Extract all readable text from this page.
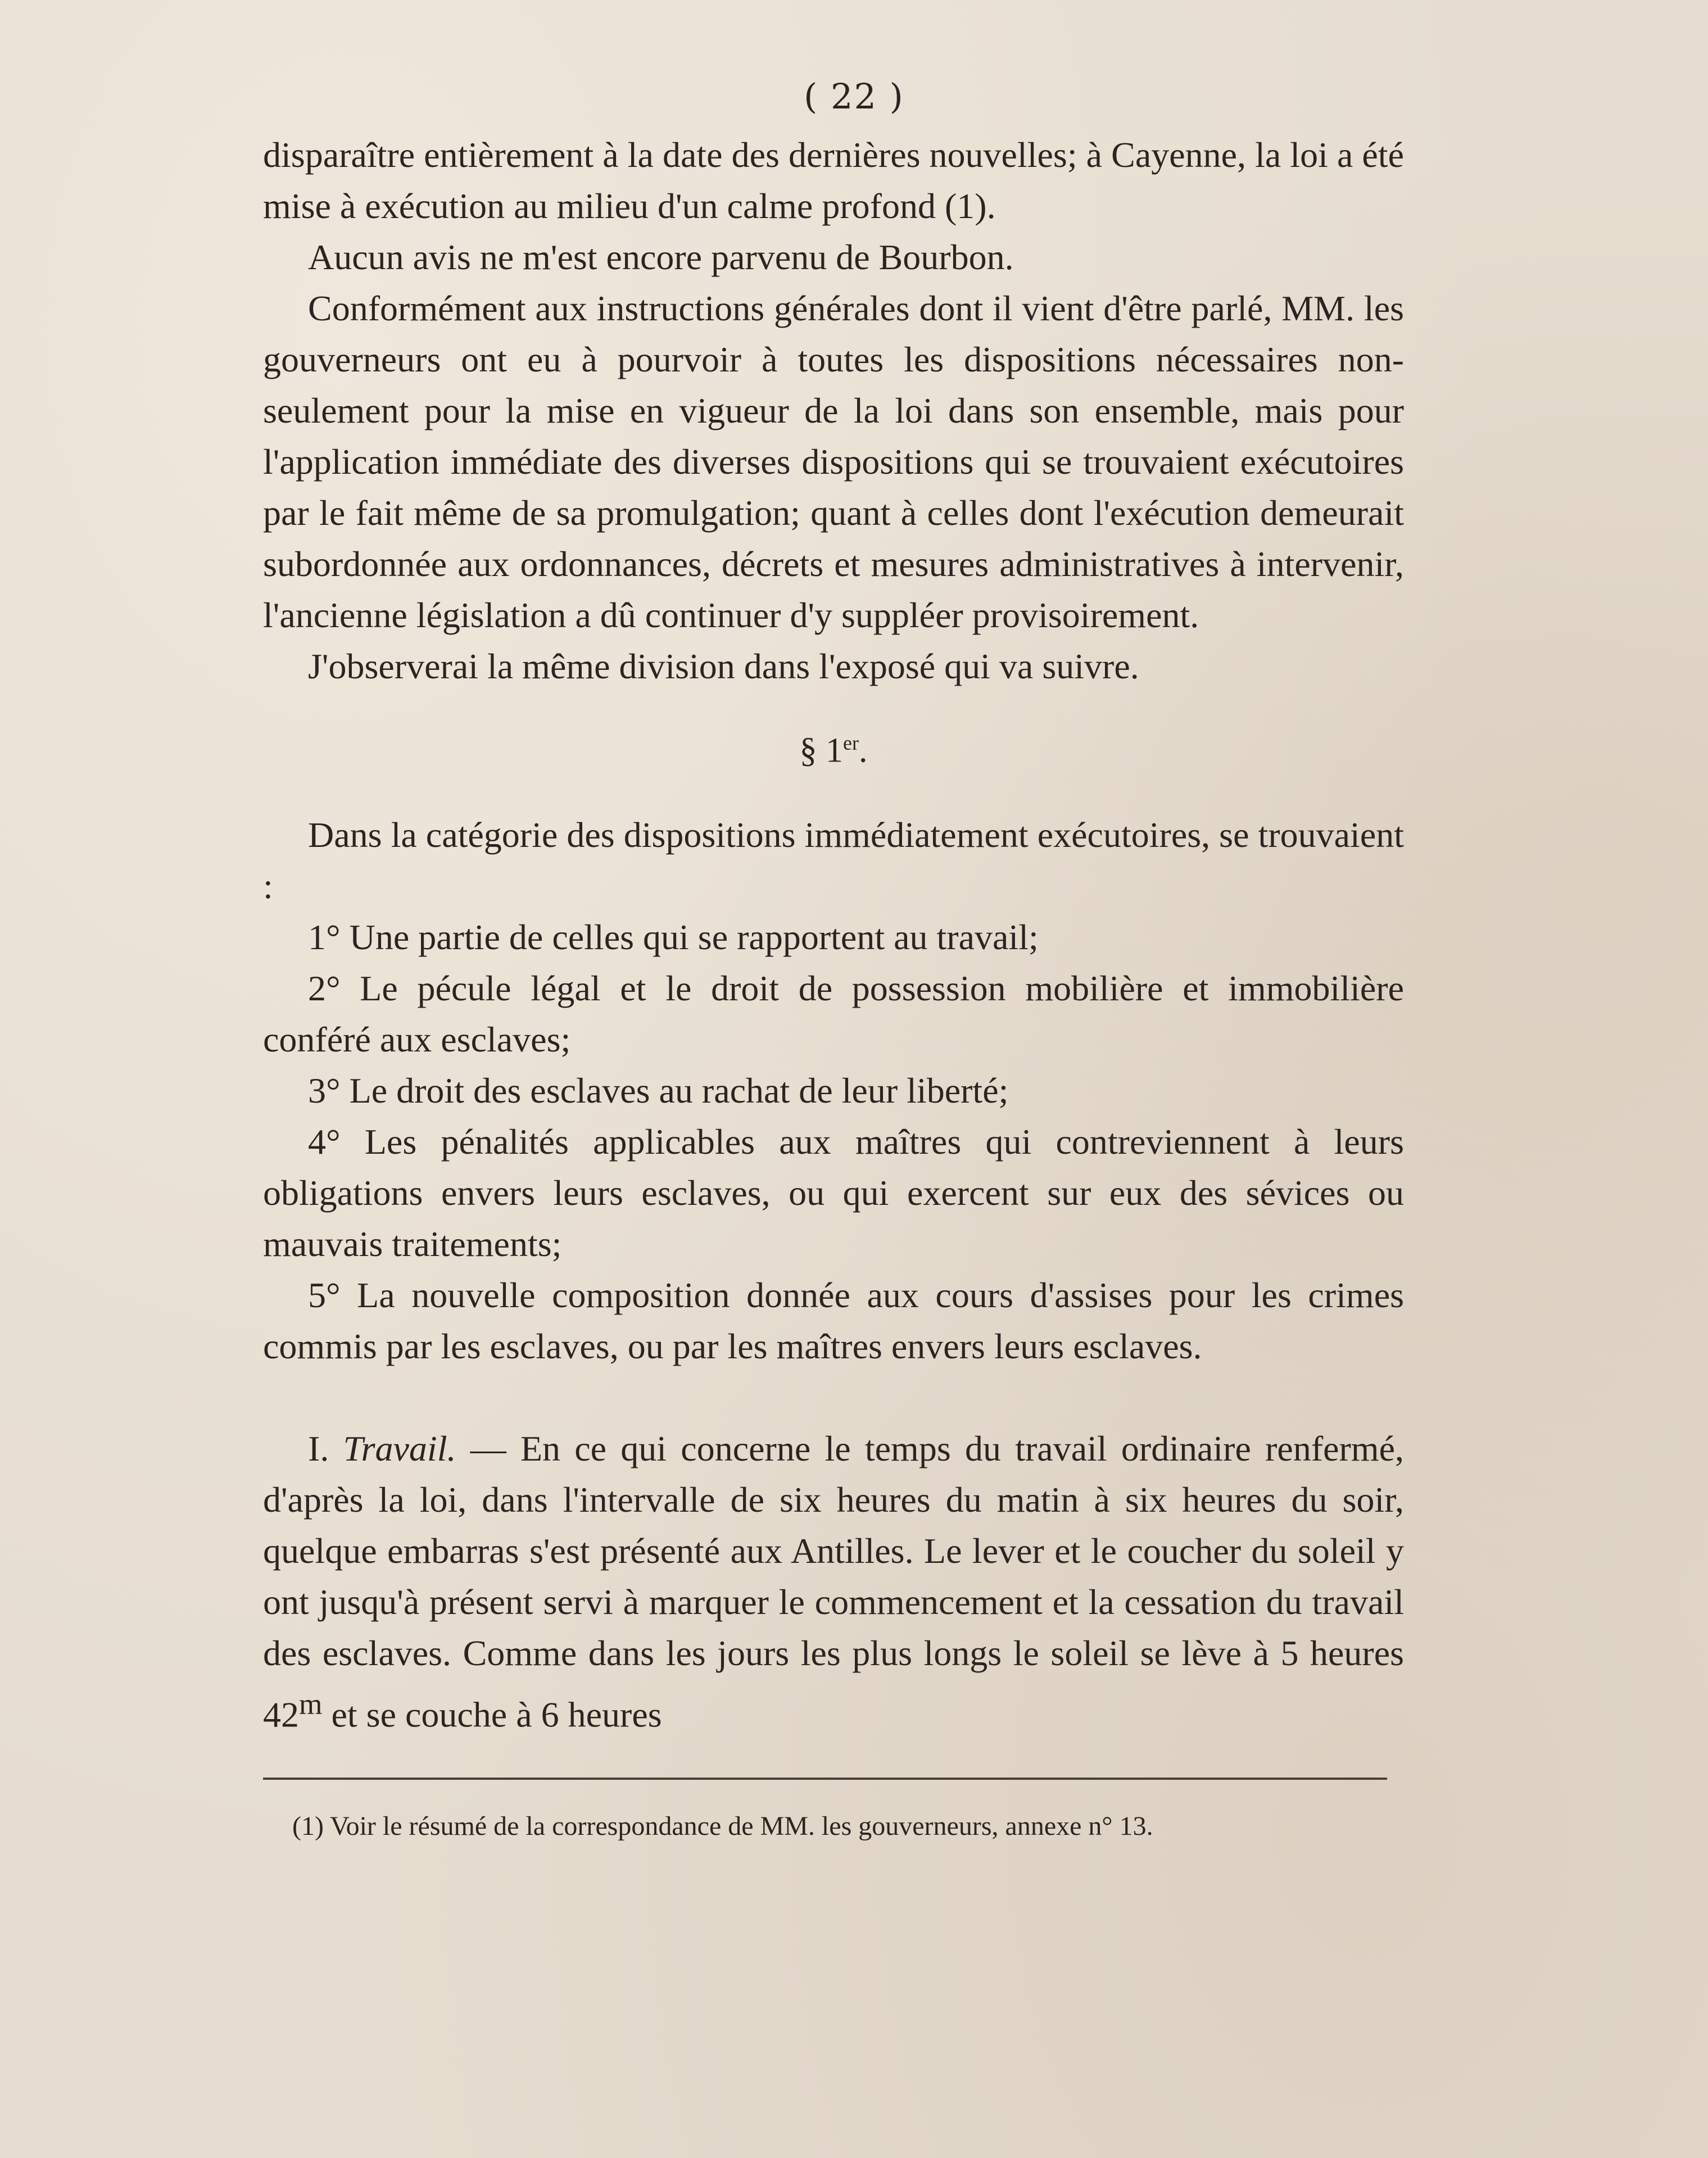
( 22 )

disparaître entièrement à la date des dernières nouvelles; à Cayenne, la loi a été mise à exécution au milieu d'un calme profond (1).

Aucun avis ne m'est encore parvenu de Bourbon.

Conformément aux instructions générales dont il vient d'être parlé, MM. les gouverneurs ont eu à pourvoir à toutes les dispositions nécessaires non-seulement pour la mise en vigueur de la loi dans son ensemble, mais pour l'application immédiate des diverses dispositions qui se trouvaient exécutoires par le fait même de sa promulgation; quant à celles dont l'exécution demeurait subordonnée aux ordonnances, décrets et mesures administratives à intervenir, l'ancienne législation a dû continuer d'y suppléer provisoirement.

J'observerai la même division dans l'exposé qui va suivre.

§ 1er.

Dans la catégorie des dispositions immédiatement exécutoires, se trouvaient :

1° Une partie de celles qui se rapportent au travail;

2° Le pécule légal et le droit de possession mobilière et immobilière conféré aux esclaves;

3° Le droit des esclaves au rachat de leur liberté;

4° Les pénalités applicables aux maîtres qui contreviennent à leurs obligations envers leurs esclaves, ou qui exercent sur eux des sévices ou mauvais traitements;

5° La nouvelle composition donnée aux cours d'assises pour les crimes commis par les esclaves, ou par les maîtres envers leurs esclaves.

I. Travail. — En ce qui concerne le temps du travail ordinaire renfermé, d'après la loi, dans l'intervalle de six heures du matin à six heures du soir, quelque embarras s'est présenté aux Antilles. Le lever et le coucher du soleil y ont jusqu'à présent servi à marquer le commencement et la cessation du travail des esclaves. Comme dans les jours les plus longs le soleil se lève à 5 heures 42$^m$ et se couche à 6 heures

(1) Voir le résumé de la correspondance de MM. les gouverneurs, annexe n° 13.
